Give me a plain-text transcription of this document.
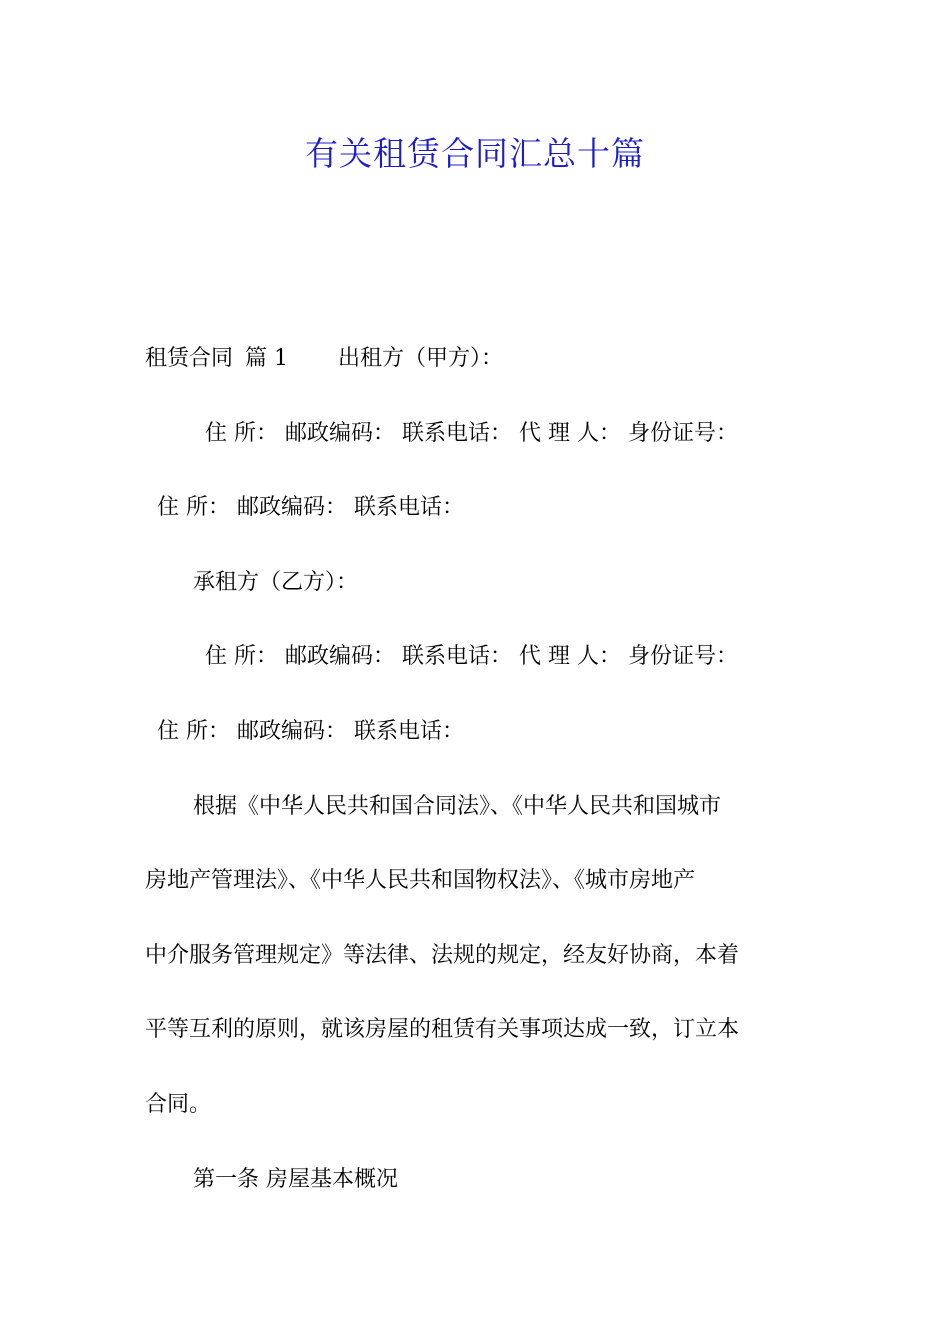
有关租赁合同汇总十篇
租赁合同 篇 1 出租方（甲方）：
住 所： 邮政编码： 联系电话： 代 理 人： 身份证号：
住 所： 邮政编码： 联系电话：
承租方（乙方）：
住 所： 邮政编码： 联系电话： 代 理 人： 身份证号：
住 所： 邮政编码： 联系电话：
根据《中华人民共和国合同法》、《中华人民共和国城市
房地产管理法》、《中华人民共和国物权法》、《城市房地产
中介服务管理规定》等法律、法规的规定，经友好协商，本着
平等互利的原则，就该房屋的租赁有关事项达成一致，订立本
合同。
第一条 房屋基本概况
